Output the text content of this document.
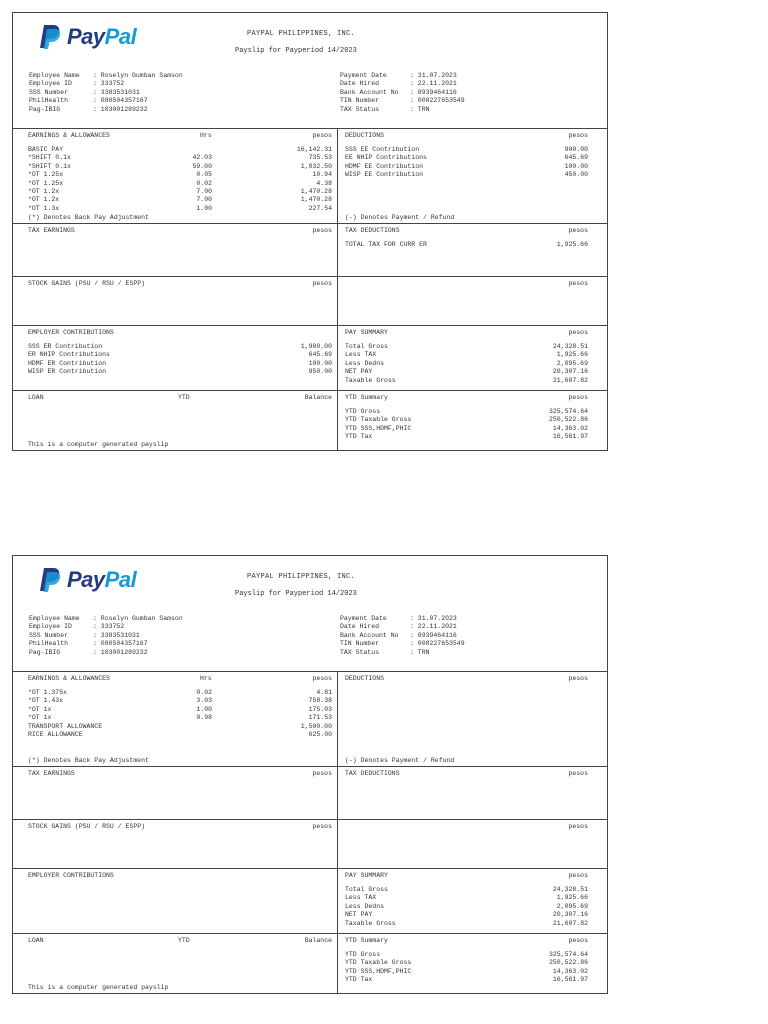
PayPal	PAYPAL PHILIPPINES, INC.
Payslip for Payperiod 14/2023
Employee Name	: Roselyn Gumban Samson
Employee ID	: 333752
SSS Number	: 3383531031
PhilHealth	: 080504357167
Pag-IBIG	: 103001289232
Payment Date	: 31.07.2023
Date Hired	: 22.11.2021
Bank Account No	: 8939464116
TIN Number	: 000227653549
TAX Status	: TRN
EARNINGS & ALLOWANCES	Hrs	pesos
BASIC PAY	16,142.31
*SHIFT 0.1x	42.03	735.53
*SHIFT 0.1x	59.00	1,032.50
*OT 1.25x	0.05	10.94
*OT 1.25x	0.02	4.38
*OT 1.2x	7.00	1,470.28
*OT 1.2x	7.00	1,470.28
*OT 1.3x	1.00	227.54
(*) Denotes Back Pay Adjustment
DEDUCTIONS	pesos
SSS EE Contribution	900.00
EE NHIP Contributions	645.69
HDMF EE Contribution	100.00
WISP EE Contribution	450.00
(-) Denotes Payment / Refund
TAX EARNINGS	pesos TAX DEDUCTIONS	pesos
TOTAL TAX FOR CURR ER	1,925.66
STOCK GAINS (PSU / RSU / ESPP)	pesos	pesos
EMPLOYER CONTRIBUTIONS
SSS ER Contribution	1,900.00
ER NHIP Contributions	645.69
HDMF ER Contribution	100.00
WISP ER Contribution	950.00
PAY SUMMARY	pesos
Total Gross	24,328.51
Less TAX	1,925.66
Less Dedns	2,095.69
NET PAY	20,307.16
Taxable Gross	21,607.82
LOAN	YTD	Balance
This is a computer generated payslip
YTD Summary	pesos
YTD Gross	325,574.64
YTD Taxable Gross	250,522.86
YTD SSS,HDMF,PHIC	14,363.02
YTD Tax	16,561.97
PayPal	PAYPAL PHILIPPINES, INC.
Payslip for Payperiod 14/2023
Employee Name	: Roselyn Gumban Samson
Employee ID	: 333752
SSS Number	: 3383531031
PhilHealth	: 080504357167
Pag-IBIG	: 103001289232
Payment Date	: 31.07.2023
Date Hired	: 22.11.2021
Bank Account No	: 8939464116
TIN Number	: 000227653549
TAX Status	: TRN
EARNINGS & ALLOWANCES	Hrs	pesos
*OT 1.375x	0.02	4.81
*OT 1.43x	3.03	758.38
*OT 1x	1.00	175.03
*OT 1x	0.98	171.53
TRANSPORT ALLOWANCE	1,500.00
RICE ALLOWANCE	625.00
(*) Denotes Back Pay Adjustment
DEDUCTIONS	pesos
(-) Denotes Payment / Refund
TAX EARNINGS	pesos TAX DEDUCTIONS	pesos
STOCK GAINS (PSU / RSU / ESPP)	pesos	pesos
EMPLOYER CONTRIBUTIONS	PAY SUMMARY	pesos
Total Gross	24,328.51
Less TAX	1,925.66
Less Dedns	2,095.69
NET PAY	20,307.16
Taxable Gross	21,607.82
LOAN	YTD	Balance
This is a computer generated payslip
YTD Summary	pesos
YTD Gross	325,574.64
YTD Taxable Gross	250,522.86
YTD SSS,HDMF,PHIC	14,363.02
YTD Tax	16,561.97
